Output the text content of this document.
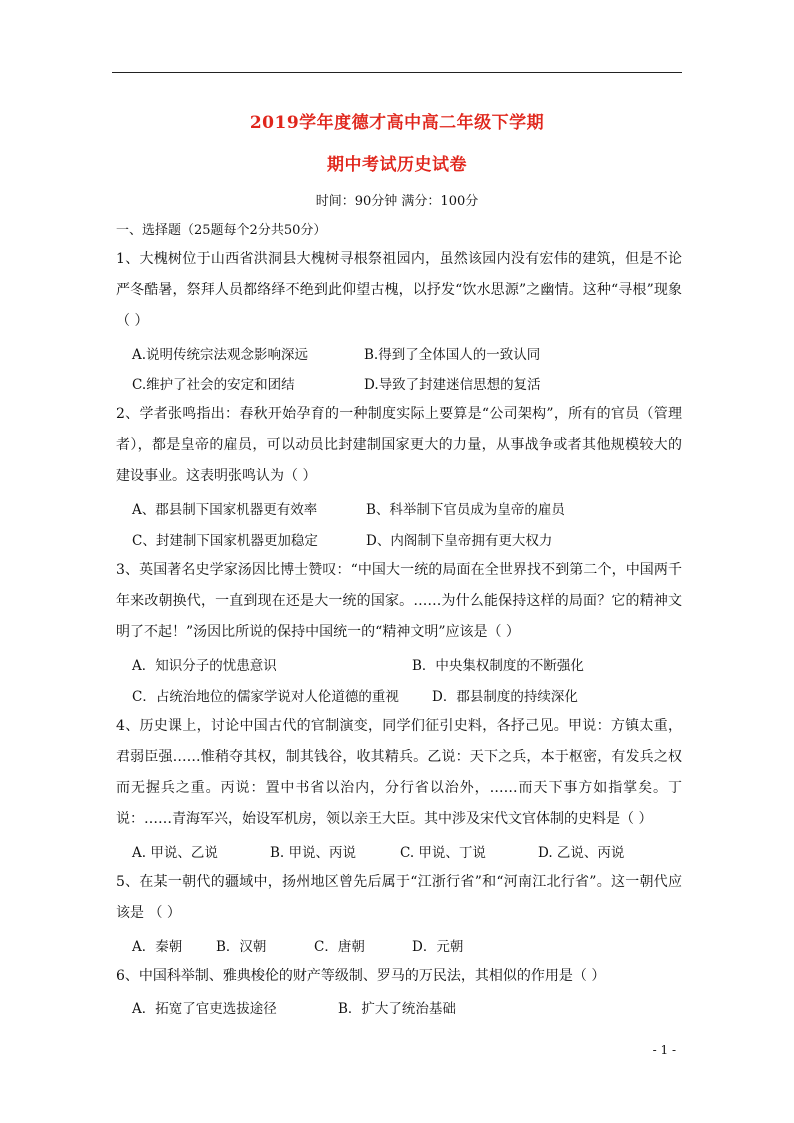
2019学年度德才高中高二年级下学期
期中考试历史试卷
时间：90分钟 满分：100分
一、选择题（25题每个2分共50分）
1、大槐树位于山西省洪洞县大槐树寻根祭祖园内，虽然该园内没有宏伟的建筑，但是不论严冬酷暑，祭拜人员都络绎不绝到此仰望古槐，以抒发“饮水思源”之幽情。这种“寻根”现象（ ）
A.说明传统宗法观念影响深远	B.得到了全体国人的一致认同
C.维护了社会的安定和团结	D.导致了封建迷信思想的复活
2、学者张鸣指出：春秋开始孕育的一种制度实际上要算是“公司架构”，所有的官员（管理者），都是皇帝的雇员，可以动员比封建制国家更大的力量，从事战争或者其他规模较大的建设事业。这表明张鸣认为（ ）
A、郡县制下国家机器更有效率	B、科举制下官员成为皇帝的雇员
C、封建制下国家机器更加稳定	D、内阁制下皇帝拥有更大权力
3、英国著名史学家汤因比博士赞叹：“中国大一统的局面在全世界找不到第二个，中国两千年来改朝换代，一直到现在还是大一统的国家。……为什么能保持这样的局面？它的精神文明了不起！”汤因比所说的保持中国统一的“精神文明”应该是（ ）
A．知识分子的忧患意识	B．中央集权制度的不断强化
C．占统治地位的儒家学说对人伦道德的重视 D．郡县制度的持续深化
4、历史课上，讨论中国古代的官制演变，同学们征引史料，各抒己见。甲说：方镇太重，君弱臣强……惟稍夺其权，制其钱谷，收其精兵。乙说：天下之兵，本于枢密，有发兵之权而无握兵之重。丙说：置中书省以治内，分行省以治外，……而天下事方如指掌矣。丁说：……青海军兴，始设军机房，领以亲王大臣。其中涉及宋代文官体制的史料是（ ）
A. 甲说、乙说	B. 甲说、丙说	C. 甲说、丁说	D. 乙说、丙说
5、在某一朝代的疆域中，扬州地区曾先后属于“江浙行省”和“河南江北行省”。这一朝代应该是 （ ）
A．秦朝	B．汉朝	C．唐朝	D．元朝
6、中国科举制、雅典梭伦的财产等级制、罗马的万民法，其相似的作用是（ ）
A．拓宽了官吏选拔途径	B．扩大了统治基础
- 1 -
